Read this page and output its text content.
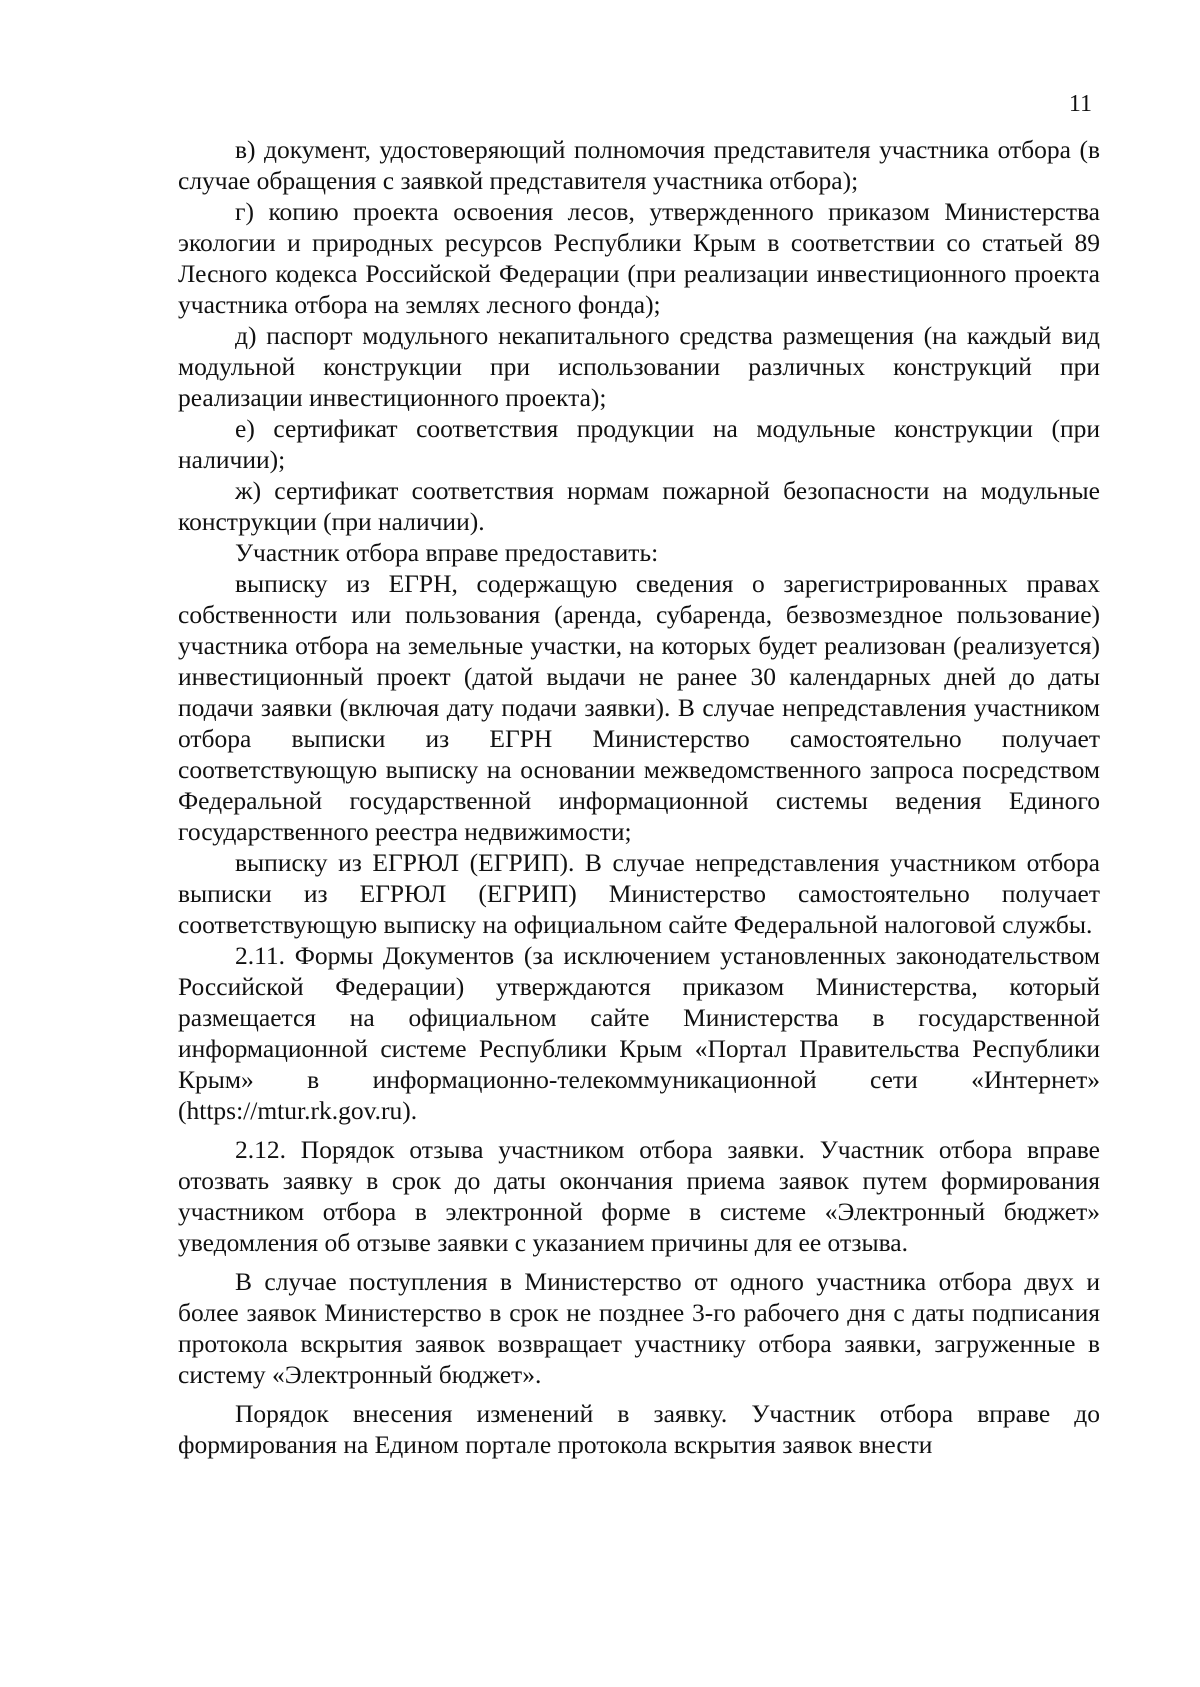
11

в) документ, удостоверяющий полномочия представителя участника отбора (в случае обращения с заявкой представителя участника отбора);

г) копию проекта освоения лесов, утвержденного приказом Министерства экологии и природных ресурсов Республики Крым в соответствии со статьей 89 Лесного кодекса Российской Федерации (при реализации инвестиционного проекта участника отбора на землях лесного фонда);

д) паспорт модульного некапитального средства размещения (на каждый вид модульной конструкции при использовании различных конструкций при реализации инвестиционного проекта);

е) сертификат соответствия продукции на модульные конструкции (при наличии);

ж) сертификат соответствия нормам пожарной безопасности на модульные конструкции (при наличии).

Участник отбора вправе предоставить:

выписку из ЕГРН, содержащую сведения о зарегистрированных правах собственности или пользования (аренда, субаренда, безвозмездное пользование) участника отбора на земельные участки, на которых будет реализован (реализуется) инвестиционный проект (датой выдачи не ранее 30 календарных дней до даты подачи заявки (включая дату подачи заявки). В случае непредставления участником отбора выписки из ЕГРН Министерство самостоятельно получает соответствующую выписку на основании межведомственного запроса посредством Федеральной государственной информационной системы ведения Единого государственного реестра недвижимости;

выписку из ЕГРЮЛ (ЕГРИП). В случае непредставления участником отбора выписки из ЕГРЮЛ (ЕГРИП) Министерство самостоятельно получает соответствующую выписку на официальном сайте Федеральной налоговой службы.

2.11. Формы Документов (за исключением установленных законодательством Российской Федерации) утверждаются приказом Министерства, который размещается на официальном сайте Министерства в государственной информационной системе Республики Крым «Портал Правительства Республики Крым» в информационно-телекоммуникационной сети «Интернет» (https://mtur.rk.gov.ru).

2.12. Порядок отзыва участником отбора заявки. Участник отбора вправе отозвать заявку в срок до даты окончания приема заявок путем формирования участником отбора в электронной форме в системе «Электронный бюджет» уведомления об отзыве заявки с указанием причины для ее отзыва.

В случае поступления в Министерство от одного участника отбора двух и более заявок Министерство в срок не позднее 3-го рабочего дня с даты подписания протокола вскрытия заявок возвращает участнику отбора заявки, загруженные в систему «Электронный бюджет».

Порядок внесения изменений в заявку. Участник отбора вправе до формирования на Едином портале протокола вскрытия заявок внести
